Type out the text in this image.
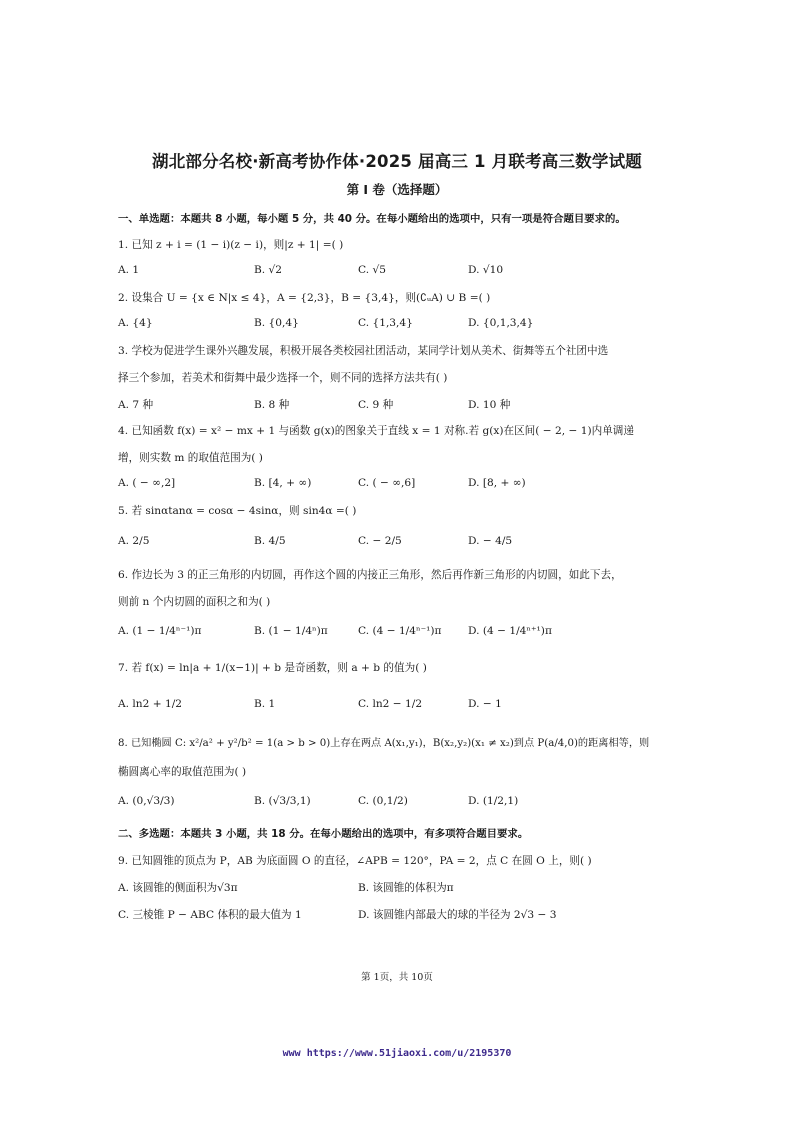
湖北部分名校·新高考协作体·2025 届高三 1 月联考高三数学试题
第 I 卷（选择题）
一、单选题：本题共 8 小题，每小题 5 分，共 40 分。在每小题给出的选项中，只有一项是符合题目要求的。
1. 已知 z + i = (1 − i)(z − i)，则|z + 1| =( )
A. 1	B. √2	C. √5	D. √10
2. 设集合 U = {x ∈ N|x ≤ 4}，A = {2,3}，B = {3,4}，则(∁ᵤA) ∪ B =( )
A. {4}	B. {0,4}	C. {1,3,4}	D. {0,1,3,4}
3. 学校为促进学生课外兴趣发展，积极开展各类校园社团活动，某同学计划从美术、街舞等五个社团中选
择三个参加，若美术和街舞中最少选择一个，则不同的选择方法共有( )
A. 7 种	B. 8 种	C. 9 种	D. 10 种
4. 已知函数 f(x) = x² − mx + 1 与函数 g(x)的图象关于直线 x = 1 对称.若 g(x)在区间( − 2, − 1)内单调递
增，则实数 m 的取值范围为( )
A. ( − ∞,2]	B. [4, + ∞)	C. ( − ∞,6]	D. [8, + ∞)
5. 若 sinαtanα = cosα − 4sinα，则 sin4α =( )
A. 2/5	B. 4/5	C. − 2/5	D. − 4/5
6. 作边长为 3 的正三角形的内切圆，再作这个圆的内接正三角形，然后再作新三角形的内切圆，如此下去，
则前 n 个内切圆的面积之和为( )
A. (1 − 1/4ⁿ⁻¹)π	B. (1 − 1/4ⁿ)π	C. (4 − 1/4ⁿ⁻¹)π D. (4 − 1/4ⁿ⁺¹)π
7. 若 f(x) = ln|a + 1/(x−1)| + b 是奇函数，则 a + b 的值为( )
A. ln2 + 1/2	B. 1	C. ln2 − 1/2	D. − 1
8. 已知椭圆 C: x²/a² + y²/b² = 1(a > b > 0)上存在两点 A(x₁,y₁)，B(x₂,y₂)(x₁ ≠ x₂)到点 P(a/4,0)的距离相等，则
椭圆离心率的取值范围为( )
A. (0,√3/3)	B. (√3/3,1)	C. (0,1/2)	D. (1/2,1)
二、多选题：本题共 3 小题，共 18 分。在每小题给出的选项中，有多项符合题目要求。
9. 已知圆锥的顶点为 P，AB 为底面圆 O 的直径，∠APB = 120°，PA = 2，点 C 在圆 O 上，则( )
A. 该圆锥的侧面积为√3π	B. 该圆锥的体积为π
C. 三棱锥 P − ABC 体积的最大值为 1	D. 该圆锥内部最大的球的半径为 2√3 − 3
第 1页，共 10页
www https://www.51jiaoxi.com/u/2195370
